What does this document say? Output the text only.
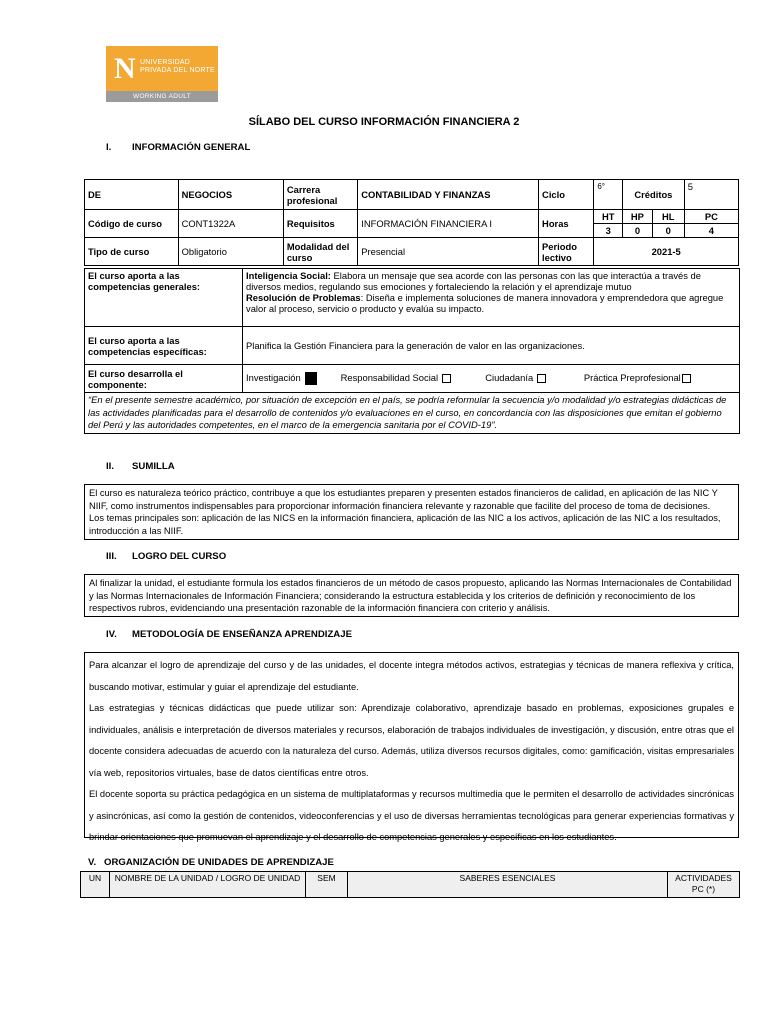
N UNIVERSIDAD
PRIVADA DEL NORTE
WORKING ADULT
SÍLABO DEL CURSO INFORMACIÓN FINANCIERA 2
I. INFORMACIÓN GENERAL
DE	NEGOCIOS	Carrera profesional	CONTABILIDAD Y FINANZAS	Ciclo	6°	Créditos		5
Código de curso	CONT1322A	Requisitos	INFORMACIÓN FINANCIERA I	Horas	HT	HP	HL	PC
					3	0	0	4
Tipo de curso	Obligatorio	Modalidad del curso	Presencial	Periodo lectivo	2021-5			
El curso aporta a las competencias generales:	Inteligencia Social: Elabora un mensaje que sea acorde con las personas con las que interactúa a través de diversos medios, regulando sus emociones y fortaleciendo la relación y el aprendizaje mutuo
Resolución de Problemas: Diseña e implementa soluciones de manera innovadora y emprendedora que agregue valor al proceso, servicio o producto y evalúa su impacto.
El curso aporta a las competencias específicas:	Planifica la Gestión Financiera para la generación de valor en las organizaciones.
El curso desarrolla el componente:	Investigación Responsabilidad Social Ciudadanía Práctica Preprofesional
“En el presente semestre académico, por situación de excepción en el país, se podría reformular la secuencia y/o modalidad y/o estrategias didácticas de las actividades planificadas para el desarrollo de contenidos y/o evaluaciones en el curso, en concordancia con las disposiciones que emitan el gobierno del Perú y las autoridades competentes, en el marco de la emergencia sanitaria por el COVID-19”.	
II. SUMILLA

El curso es naturaleza teórico práctico, contribuye a que los estudiantes preparen y presenten estados financieros de calidad, en aplicación de las NIC Y NIIF, como instrumentos indispensables para proporcionar información financiera relevante y razonable que facilite del proceso de toma de decisiones.

Los temas principales son: aplicación de las NICS en la información financiera, aplicación de las NIC a los activos, aplicación de las NIC a los resultados, introducción a las NIIF.

III. LOGRO DEL CURSO

Al finalizar la unidad, el estudiante formula los estados financieros de un método de casos propuesto, aplicando las Normas Internacionales de Contabilidad y las Normas Internacionales de Información Financiera; considerando la estructura establecida y los criterios de definición y reconocimiento de los respectivos rubros, evidenciando una presentación razonable de la información financiera con criterio y análisis.

IV. METODOLOGÍA DE ENSEÑANZA APRENDIZAJE

Para alcanzar el logro de aprendizaje del curso y de las unidades, el docente integra métodos activos, estrategias y técnicas de manera reflexiva y crítica, buscando motivar, estimular y guiar el aprendizaje del estudiante.

Las estrategias y técnicas didácticas que puede utilizar son: Aprendizaje colaborativo, aprendizaje basado en problemas, exposiciones grupales e individuales, análisis e interpretación de diversos materiales y recursos, elaboración de trabajos individuales de investigación, y discusión, entre otras que el docente considera adecuadas de acuerdo con la naturaleza del curso. Además, utiliza diversos recursos digitales, como: gamificación, visitas empresariales vía web, repositorios virtuales, base de datos científicas entre otros.

El docente soporta su práctica pedagógica en un sistema de multiplataformas y recursos multimedia que le permiten el desarrollo de actividades sincrónicas y asincrónicas, así como la gestión de contenidos, videoconferencias y el uso de diversas herramientas tecnológicas para generar experiencias formativas y brindar orientaciones que promuevan el aprendizaje y el desarrollo de competencias generales y específicas en los estudiantes.

V. ORGANIZACIÓN DE UNIDADES DE APRENDIZAJE
UN	NOMBRE DE LA UNIDAD / LOGRO DE UNIDAD	SEM	SABERES ESENCIALES	ACTIVIDADES PC (*)
